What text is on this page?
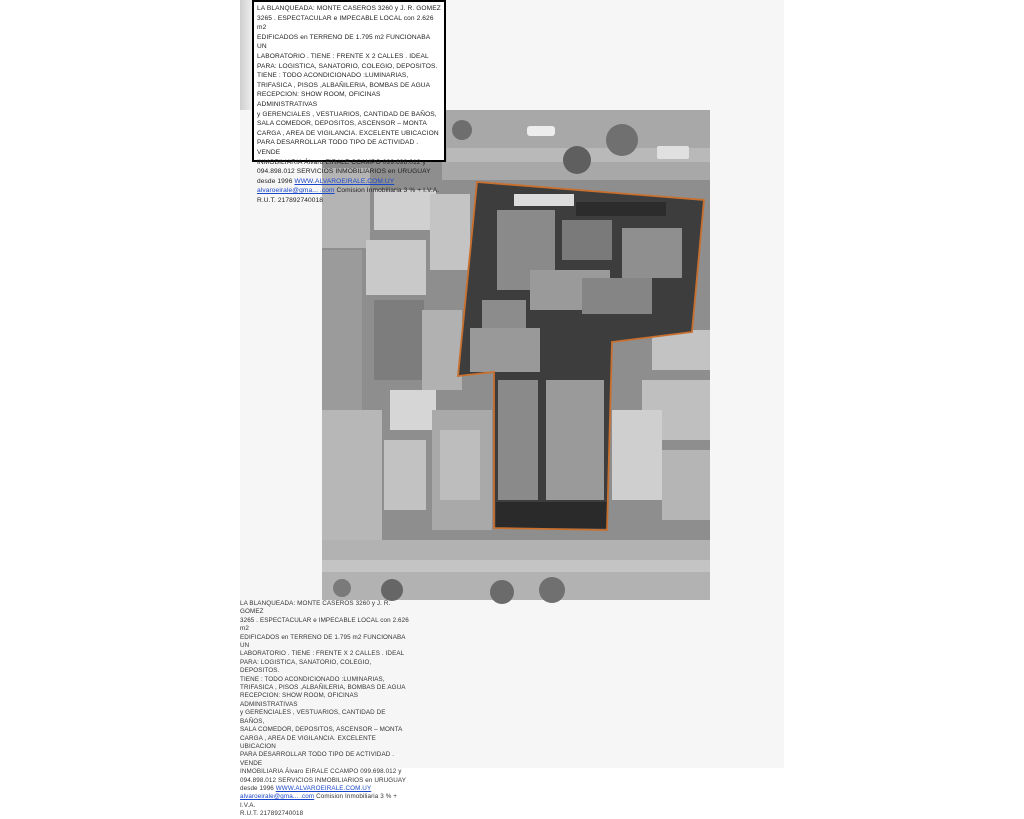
LA BLANQUEADA: MONTE CASEROS 3260 y J. R. GOMEZ
3265 . ESPECTACULAR e IMPECABLE LOCAL con 2.626 m2
EDIFICADOS en TERRENO DE 1.795 m2 FUNCIONABA UN
LABORATORIO . TIENE : FRENTE X 2 CALLES . IDEAL
PARA: LOGISTICA, SANATORIO, COLEGIO, DEPOSITOS.
TIENE : TODO ACONDICIONADO :LUMINARIAS,
TRIFASICA , PISOS ,ALBAÑILERIA, BOMBAS DE AGUA
RECEPCION: SHOW ROOM, OFICINAS ADMINISTRATIVAS
y GERENCIALES , VESTUARIOS, CANTIDAD DE BAÑOS,
SALA COMEDOR, DEPOSITOS, ASCENSOR – MONTA
CARGA , AREA DE VIGILANCIA. EXCELENTE UBICACION
PARA DESARROLLAR TODO TIPO DE ACTIVIDAD . VENDE
INMOBILIARIA Álvaro EIRALE CCAMPO 099.698.012 y
094.898.012 SERVICIOS INMOBILIARIOS en URUGUAY
desde 1996 WWW.ALVAROEIRALE.COM.UY
alvaroeirale@gma... .com Comision Inmobiliaria 3 % + I.V.A.
R.U.T. 217892740018
LA BLANQUEADA: MONTE CASEROS 3260 y J. R. GOMEZ
3265 . ESPECTACULAR e IMPECABLE LOCAL con 2.626 m2
EDIFICADOS en TERRENO DE 1.795 m2 FUNCIONABA UN
LABORATORIO . TIENE : FRENTE X 2 CALLES . IDEAL
PARA: LOGISTICA, SANATORIO, COLEGIO, DEPOSITOS.
TIENE : TODO ACONDICIONADO :LUMINARIAS,
TRIFASICA , PISOS ,ALBAÑILERIA, BOMBAS DE AGUA
RECEPCION: SHOW ROOM, OFICINAS ADMINISTRATIVAS
y GERENCIALES , VESTUARIOS, CANTIDAD DE BAÑOS,
SALA COMEDOR, DEPOSITOS, ASCENSOR – MONTA
CARGA , AREA DE VIGILANCIA. EXCELENTE UBICACION
PARA DESARROLLAR TODO TIPO DE ACTIVIDAD . VENDE
INMOBILIARIA Álvaro EIRALE CCAMPO 099.698.012 y
094.898.012 SERVICIOS INMOBILIARIOS en URUGUAY
desde 1996 WWW.ALVAROEIRALE.COM.UY
alvaroeirale@gma... .com Comision Inmobiliaria 3 % + I.V.A.
R.U.T. 217892740018
